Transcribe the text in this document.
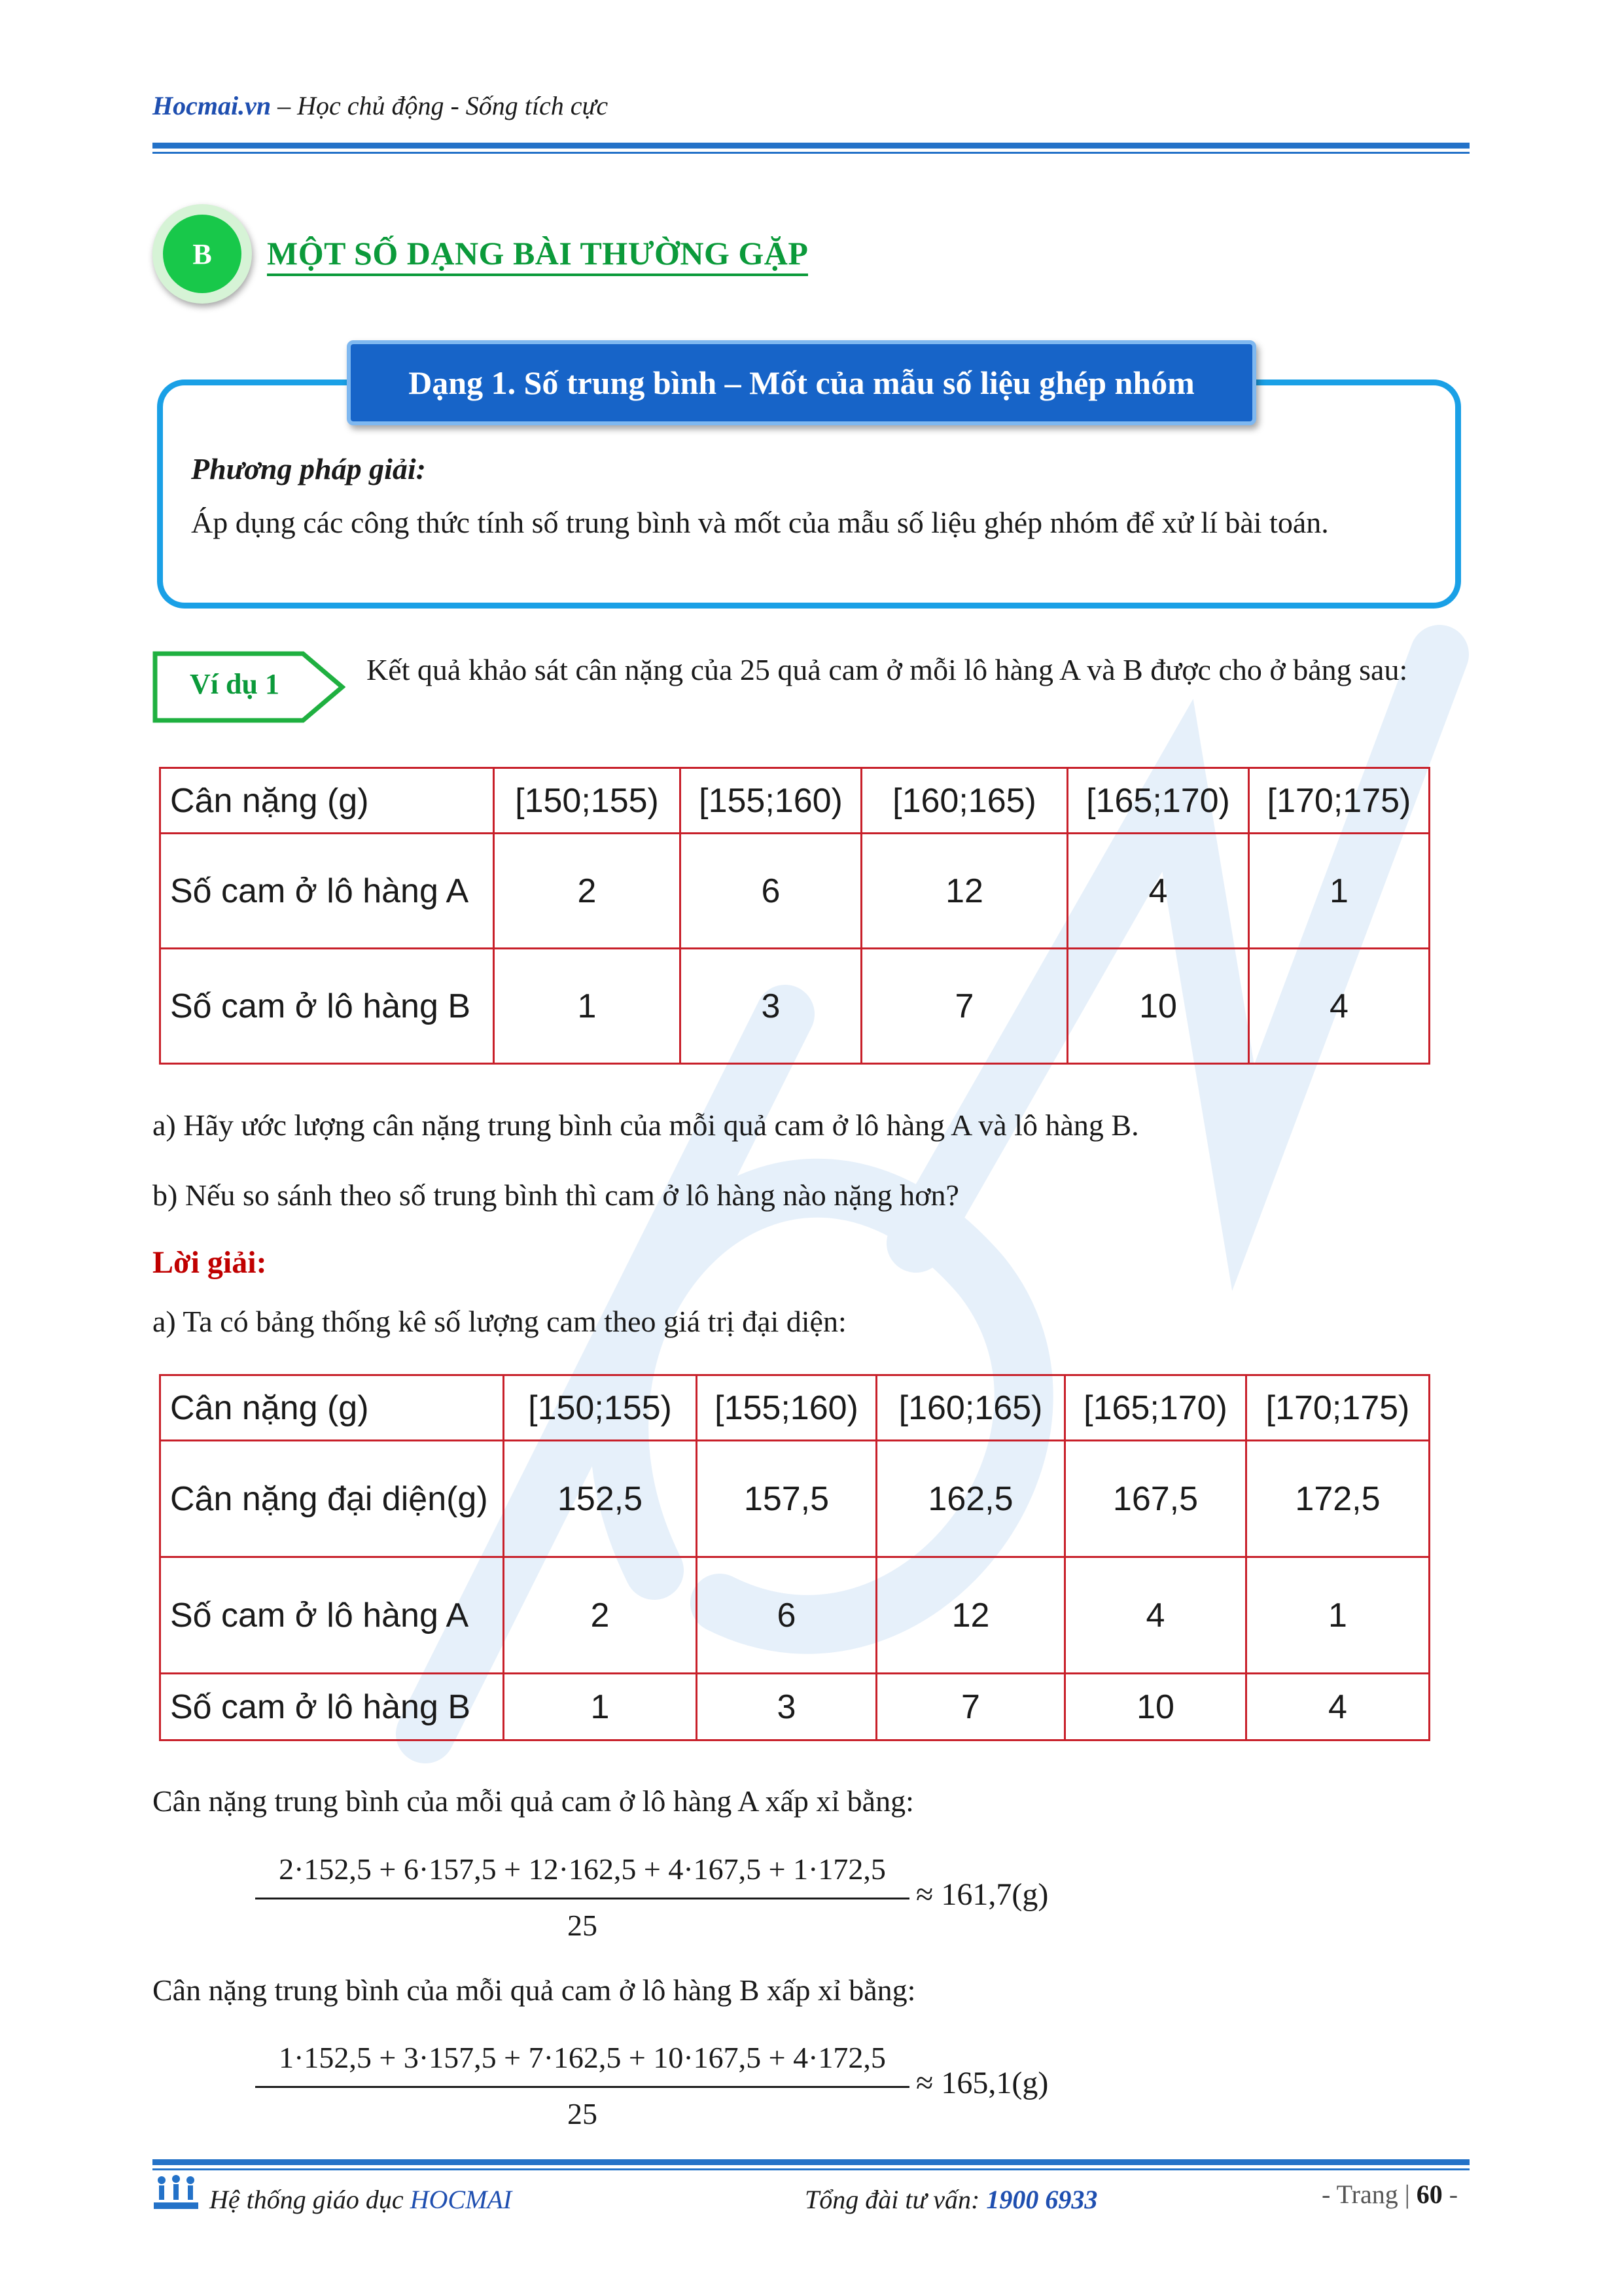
Hocmai.vn – Học chủ động - Sống tích cực
B	MỘT SỐ DẠNG BÀI THƯỜNG GẶP
Dạng 1. Số trung bình – Mốt của mẫu số liệu ghép nhóm
Phương pháp giải:
Áp dụng các công thức tính số trung bình và mốt của mẫu số liệu ghép nhóm để xử lí bài toán.
Ví dụ 1	Kết quả khảo sát cân nặng của 25 quả cam ở mỗi lô hàng A và B được cho ở bảng sau:
Cân nặng (g)	[150;155)	[155;160)	[160;165)	[165;170)	[170;175)
Số cam ở lô hàng A	2	6	12	4	1
Số cam ở lô hàng B	1	3	7	10	4
a) Hãy ước lượng cân nặng trung bình của mỗi quả cam ở lô hàng A và lô hàng B.
b) Nếu so sánh theo số trung bình thì cam ở lô hàng nào nặng hơn?
Lời giải:
a) Ta có bảng thống kê số lượng cam theo giá trị đại diện:
Cân nặng (g)	[150;155)	[155;160)	[160;165)	[165;170)	[170;175)
Cân nặng đại diện(g)	152,5	157,5	162,5	167,5	172,5
Số cam ở lô hàng A	2	6	12	4	1
Số cam ở lô hàng B	1	3	7	10	4
Cân nặng trung bình của mỗi quả cam ở lô hàng A xấp xỉ bằng:
2·152,5 + 6·157,5 + 12·162,5 + 4·167,5 + 1·172,5
25
≈ 161,7(g)
Cân nặng trung bình của mỗi quả cam ở lô hàng B xấp xỉ bằng:
1·152,5 + 3·157,5 + 7·162,5 + 10·167,5 + 4·172,5
25
≈ 165,1(g)
Hệ thống giáo dục HOCMAI	Tổng đài tư vấn: 1900 6933	- Trang | 60 -
